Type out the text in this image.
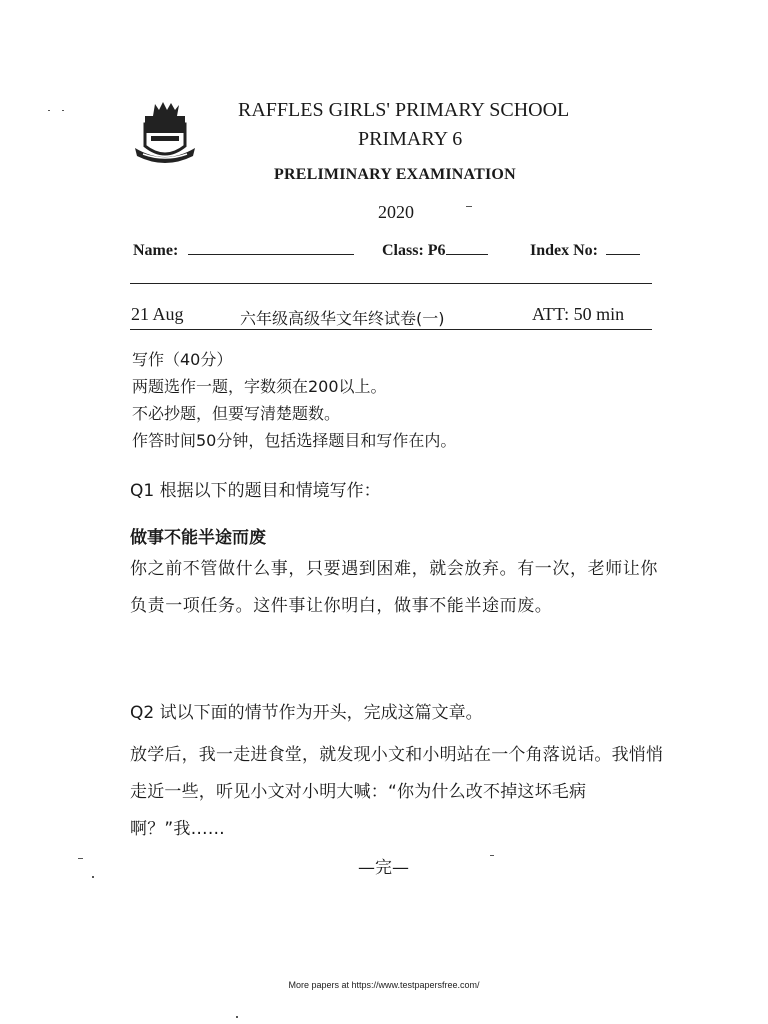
RAFFLES GIRLS' PRIMARY SCHOOL
PRIMARY 6
PRELIMINARY EXAMINATION
2020
Name:	Class: P6	Index No:
21 Aug	六年级高级华文年终试卷(一)	ATT: 50 min
写作（40分）
两题选作一题，字数须在200以上。
不必抄题，但要写清楚题数。
作答时间50分钟，包括选择题目和写作在内。
Q1 根据以下的题目和情境写作：
做事不能半途而废
你之前不管做什么事，只要遇到困难，就会放弃。有一次，老师让你负责一项任务。这件事让你明白，做事不能半途而废。
Q2 试以下面的情节作为开头，完成这篇文章。
放学后，我一走进食堂，就发现小文和小明站在一个角落说话。我悄悄走近一些，听见小文对小明大喊：“你为什么改不掉这坏毛病啊？”我……
—完—
More papers at https://www.testpapersfree.com/
